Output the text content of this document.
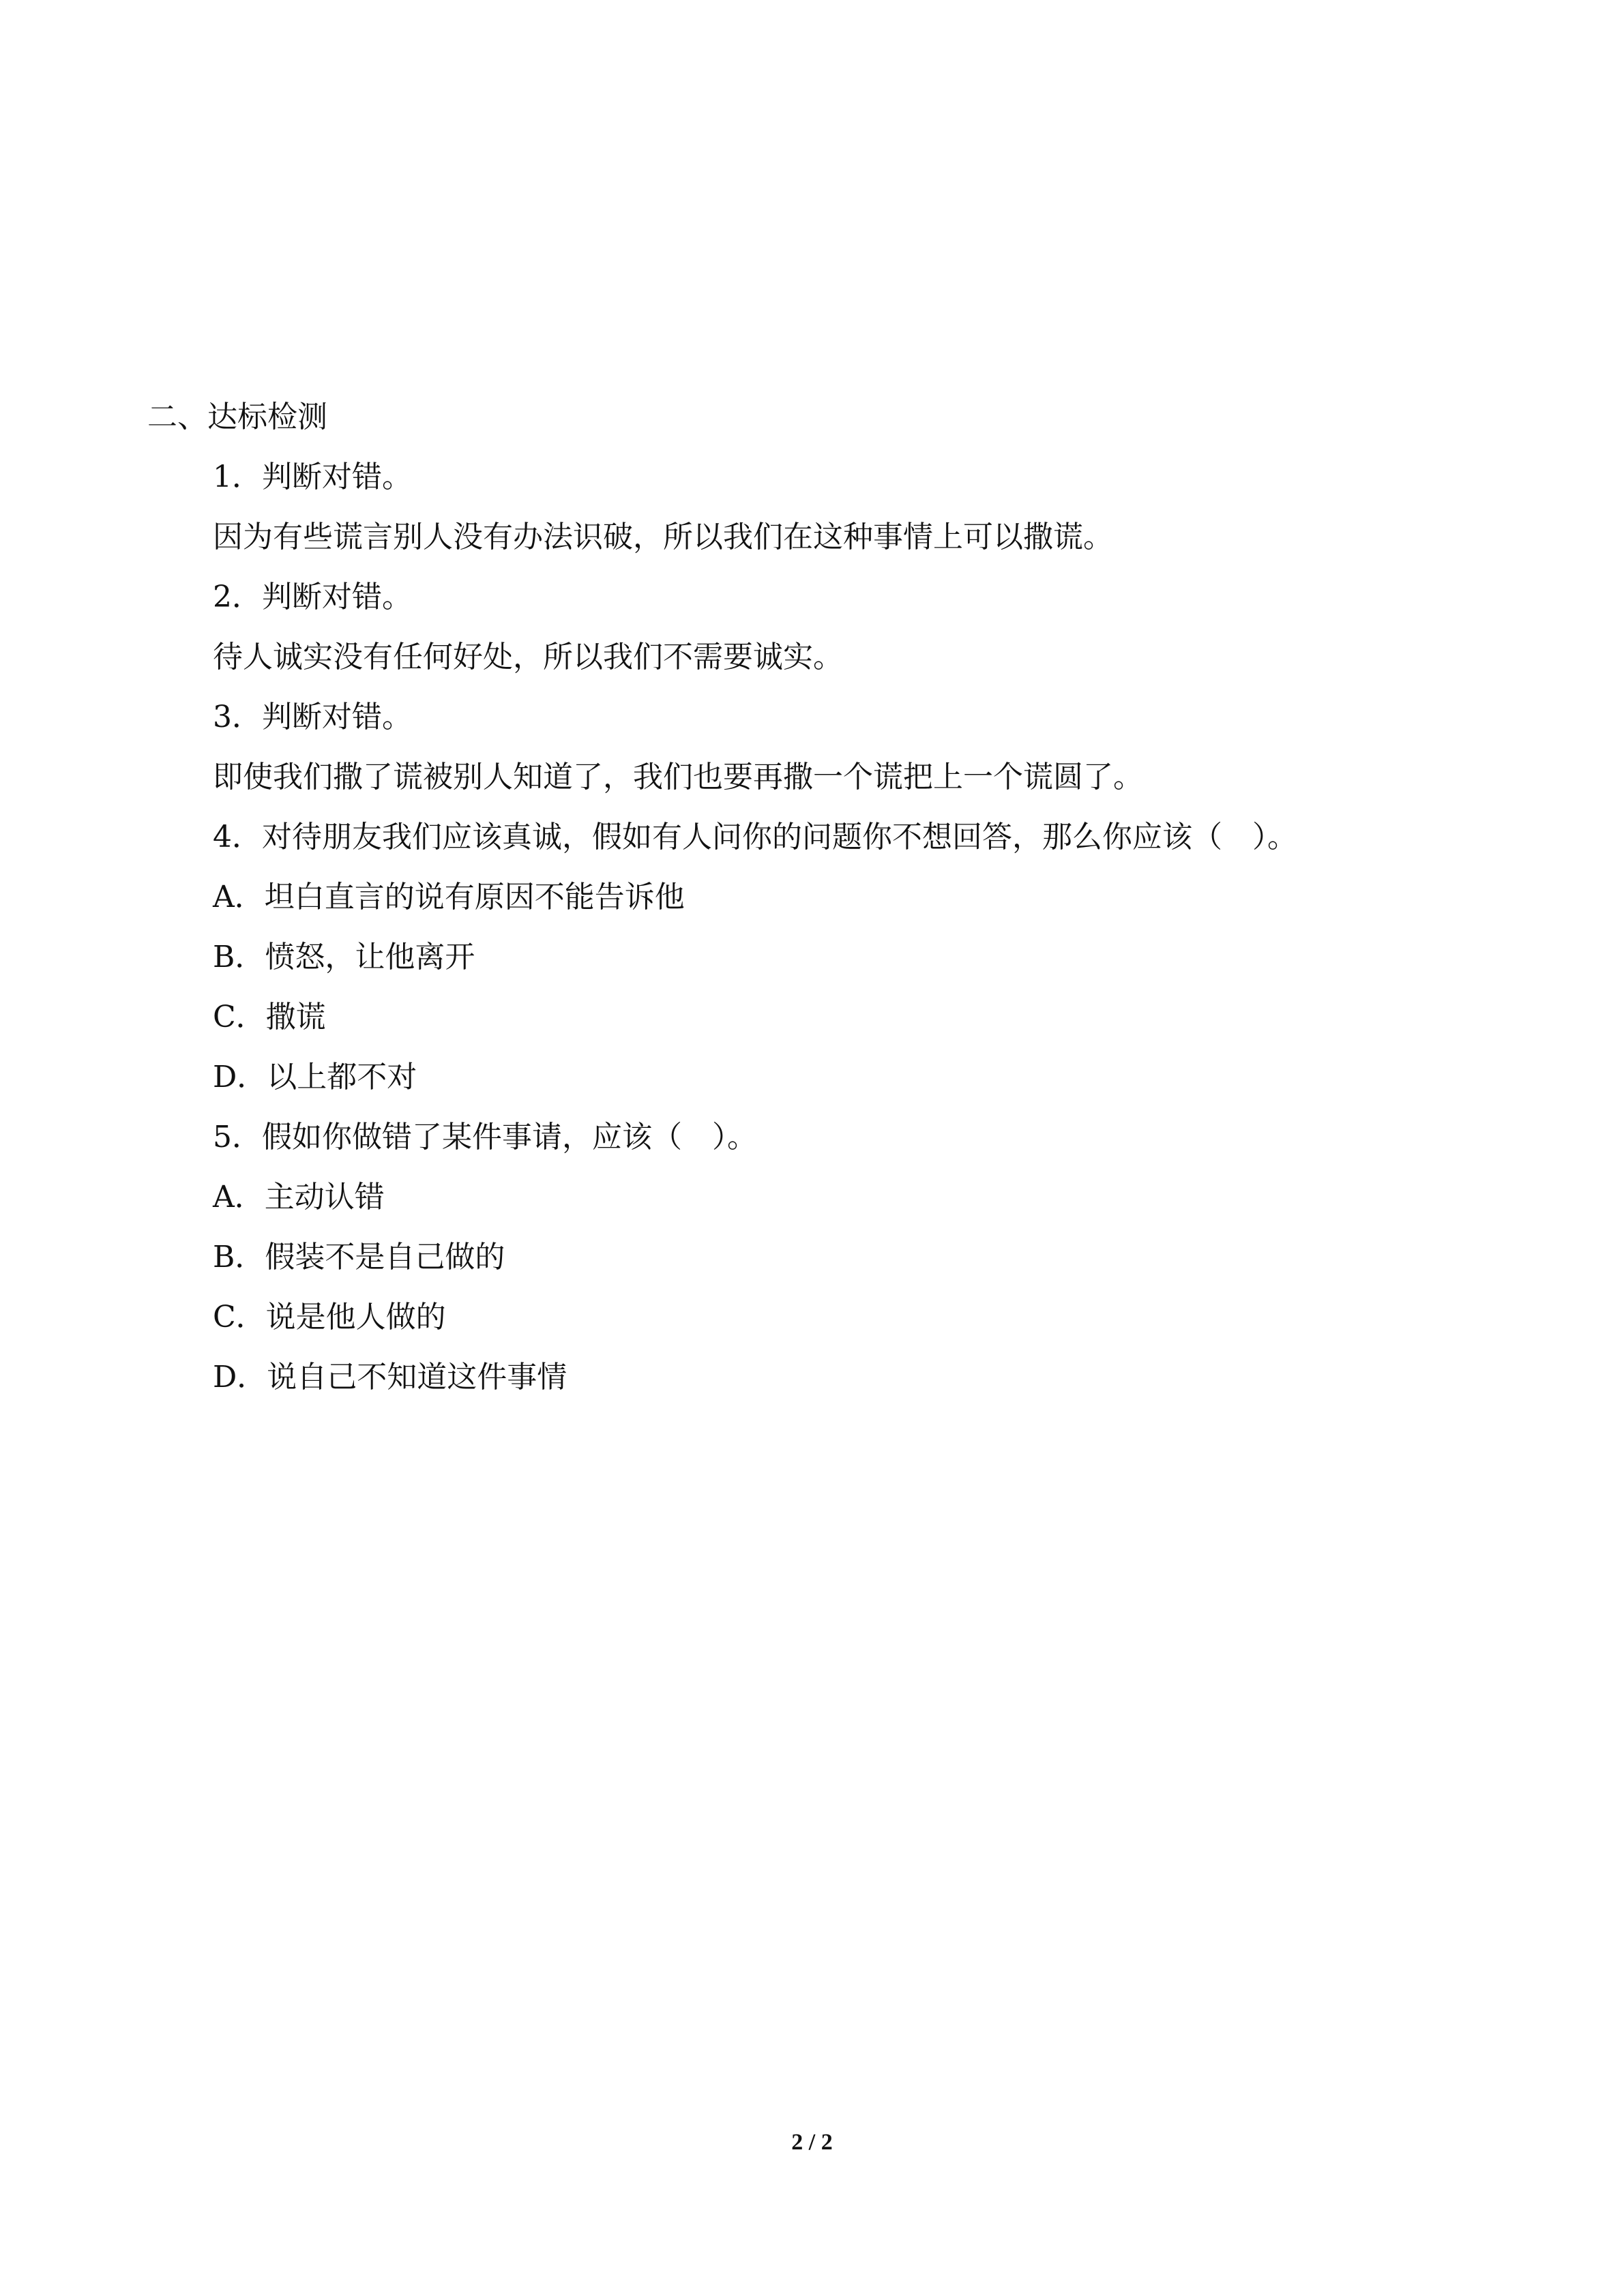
二、达标检测

1．判断对错。

因为有些谎言别人没有办法识破，所以我们在这种事情上可以撒谎。

2．判断对错。

待人诚实没有任何好处，所以我们不需要诚实。

3．判断对错。

即使我们撒了谎被别人知道了，我们也要再撒一个谎把上一个谎圆了。

4．对待朋友我们应该真诚，假如有人问你的问题你不想回答，那么你应该（　）。

A．坦白直言的说有原因不能告诉他

B．愤怒，让他离开

C．撒谎

D．以上都不对

5．假如你做错了某件事请，应该（　）。

A．主动认错

B．假装不是自己做的

C．说是他人做的

D．说自己不知道这件事情

2 / 2
